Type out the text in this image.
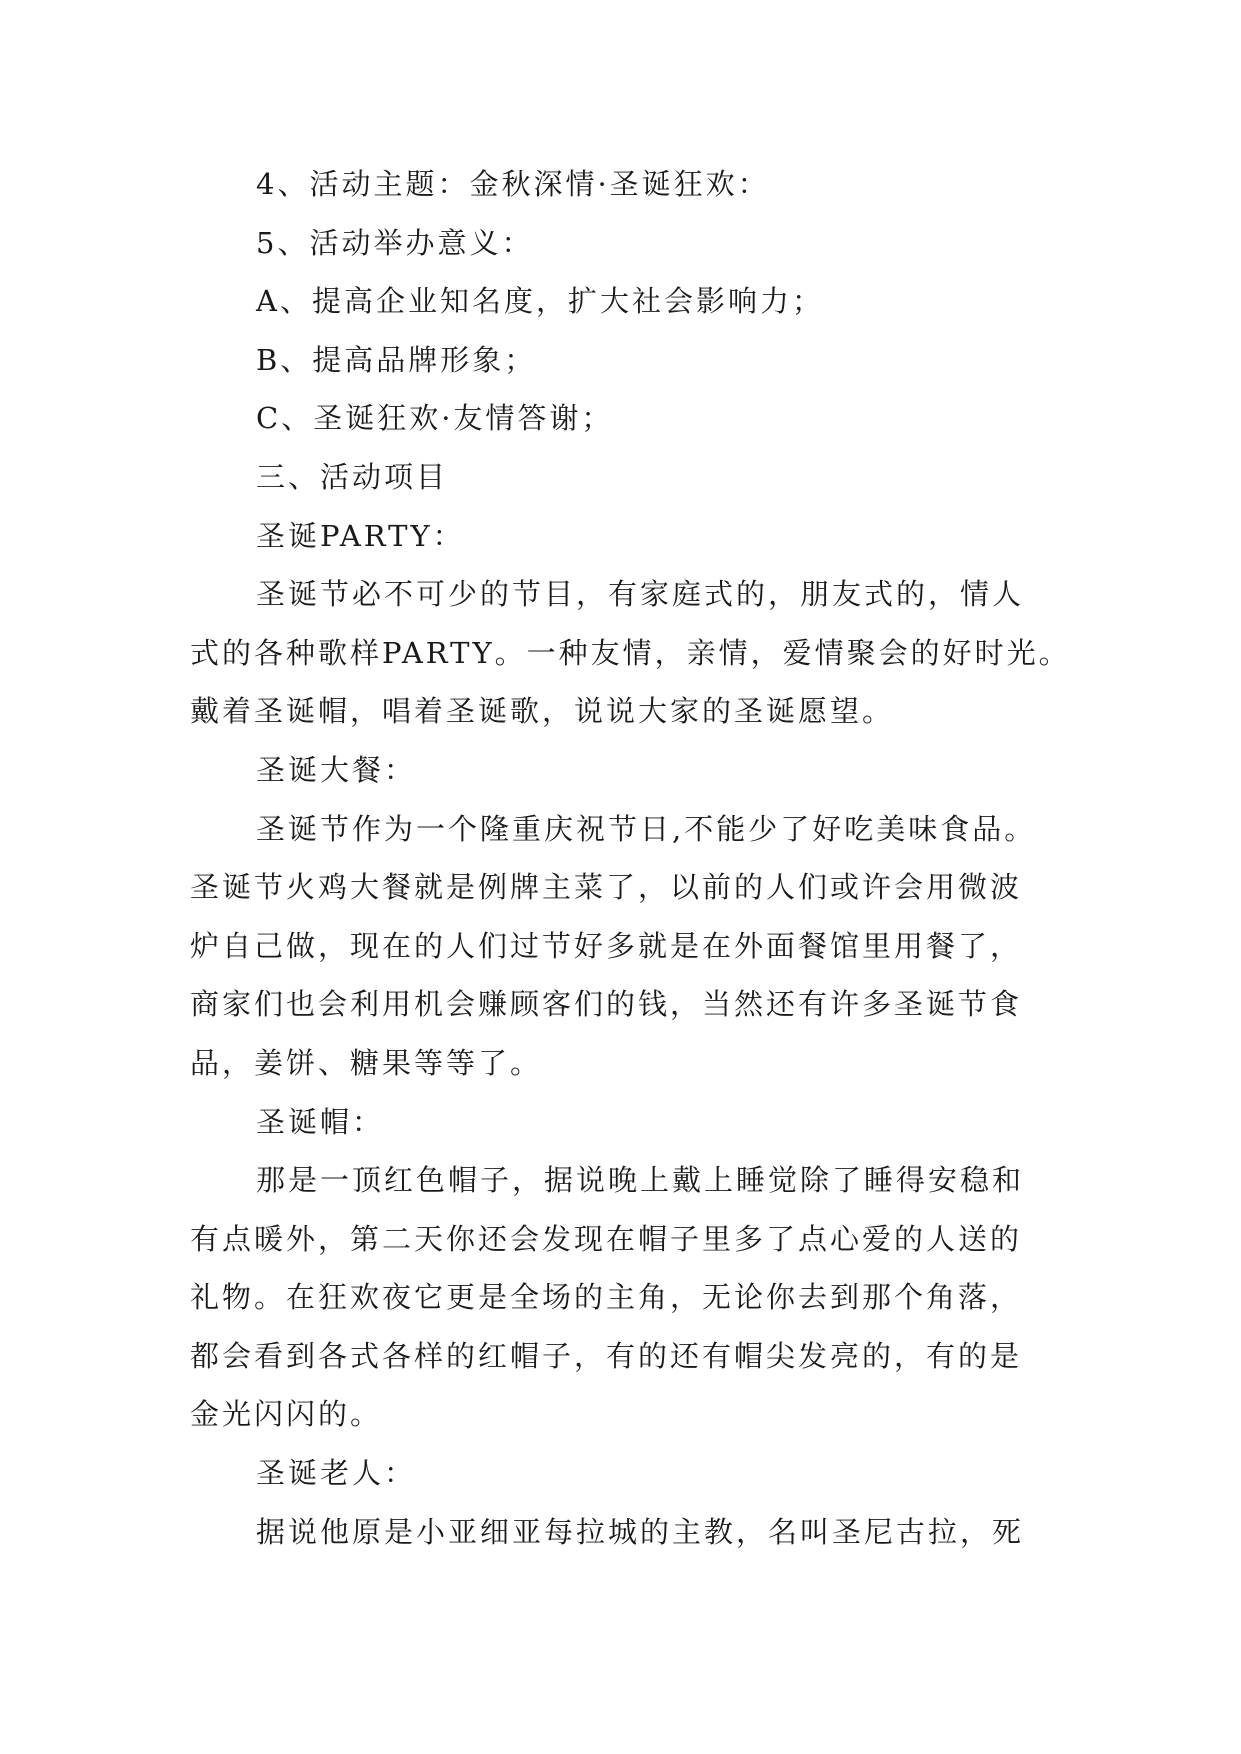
4、活动主题：金秋深情·圣诞狂欢：
5、活动举办意义：
A、提高企业知名度，扩大社会影响力；
B、提高品牌形象；
C、圣诞狂欢·友情答谢；
三、活动项目
圣诞PARTY：
圣诞节必不可少的节目，有家庭式的，朋友式的，情人
式的各种歌样PARTY。一种友情，亲情，爱情聚会的好时光。
戴着圣诞帽，唱着圣诞歌，说说大家的圣诞愿望。
圣诞大餐：
圣诞节作为一个隆重庆祝节日,不能少了好吃美味食品。
圣诞节火鸡大餐就是例牌主菜了，以前的人们或许会用微波
炉自己做，现在的人们过节好多就是在外面餐馆里用餐了，
商家们也会利用机会赚顾客们的钱，当然还有许多圣诞节食
品，姜饼、糖果等等了。
圣诞帽：
那是一顶红色帽子，据说晚上戴上睡觉除了睡得安稳和
有点暖外，第二天你还会发现在帽子里多了点心爱的人送的
礼物。在狂欢夜它更是全场的主角，无论你去到那个角落，
都会看到各式各样的红帽子，有的还有帽尖发亮的，有的是
金光闪闪的。
圣诞老人：
据说他原是小亚细亚每拉城的主教，名叫圣尼古拉，死
